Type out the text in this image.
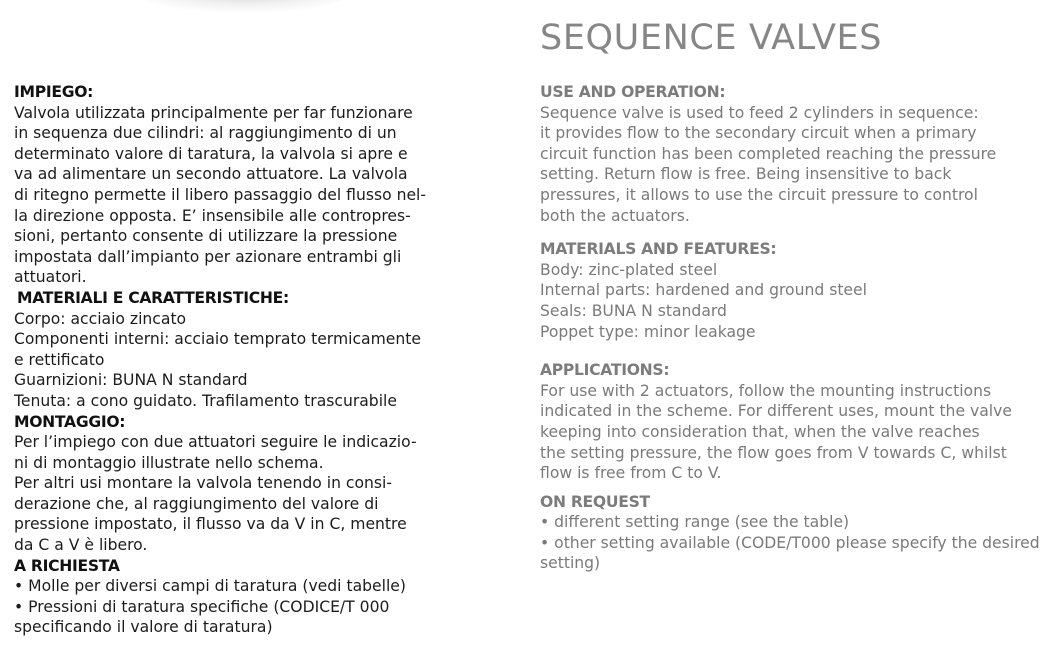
SEQUENCE VALVES
IMPIEGO:
Valvola utilizzata principalmente per far funzionare
in sequenza due cilindri: al raggiungimento di un
determinato valore di taratura, la valvola si apre e
va ad alimentare un secondo attuatore. La valvola
di ritegno permette il libero passaggio del flusso nel-
la direzione opposta. E’ insensibile alle contropres-
sioni, pertanto consente di utilizzare la pressione
impostata dall’impianto per azionare entrambi gli
attuatori.
MATERIALI E CARATTERISTICHE:
Corpo: acciaio zincato
Componenti interni: acciaio temprato termicamente
e rettificato
Guarnizioni: BUNA N standard
Tenuta: a cono guidato. Trafilamento trascurabile
MONTAGGIO:
Per l’impiego con due attuatori seguire le indicazio-
ni di montaggio illustrate nello schema.
Per altri usi montare la valvola tenendo in consi-
derazione che, al raggiungimento del valore di
pressione impostato, il flusso va da V in C, mentre
da C a V è libero.
A RICHIESTA
• Molle per diversi campi di taratura (vedi tabelle)
• Pressioni di taratura specifiche (CODICE/T 000
specificando il valore di taratura)
USE AND OPERATION:
Sequence valve is used to feed 2 cylinders in sequence:
it provides flow to the secondary circuit when a primary
circuit function has been completed reaching the pressure
setting. Return flow is free. Being insensitive to back
pressures, it allows to use the circuit pressure to control
both the actuators.
MATERIALS AND FEATURES:
Body: zinc-plated steel
Internal parts: hardened and ground steel
Seals: BUNA N standard
Poppet type: minor leakage
APPLICATIONS:
For use with 2 actuators, follow the mounting instructions
indicated in the scheme. For different uses, mount the valve
keeping into consideration that, when the valve reaches
the setting pressure, the flow goes from V towards C, whilst
flow is free from C to V.
ON REQUEST
• different setting range (see the table)
• other setting available (CODE/T000 please specify the desired
setting)
